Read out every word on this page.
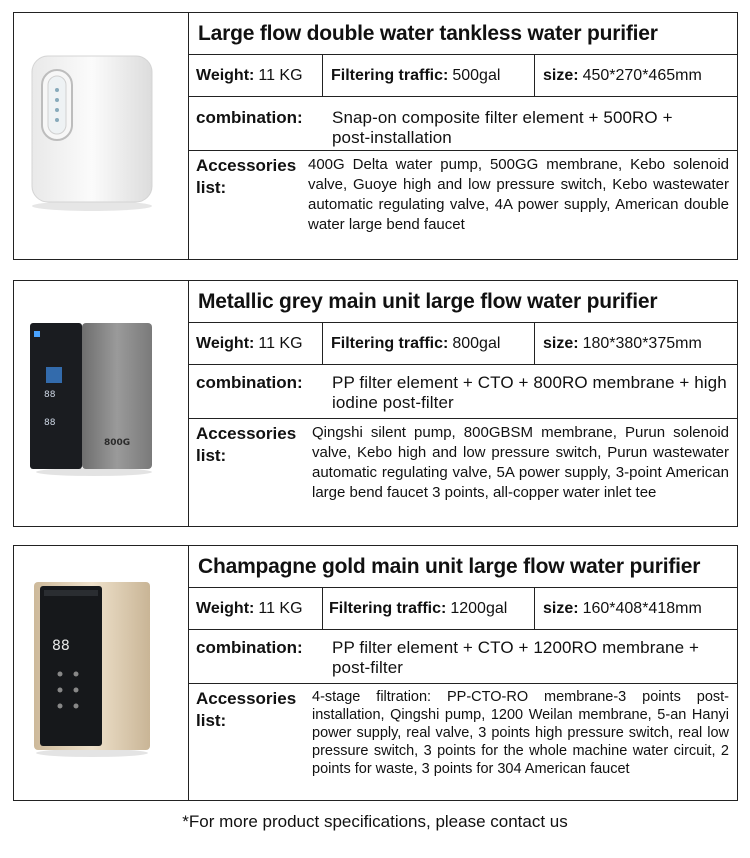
Large flow double water tankless water purifier
Weight: 11 KG Filtering traffic: 500gal	size: 450*270*465mm
combination:	Snap-on composite filter element + 500RO + post-installation
Accessories list:
400G Delta water pump, 500GG membrane, Kebo solenoid valve, Guoye high and low pressure switch, Kebo wastewater automatic regulating valve, 4A power supply, American double water large bend faucet
Metallic grey main unit large flow water purifier
Weight: 11 KG Filtering traffic: 800gal	size: 180*380*375mm
combination:	PP filter element + CTO + 800RO membrane + high iodine post-filter
Accessories list:
Qingshi silent pump, 800GBSM membrane, Purun solenoid valve, Kebo high and low pressure switch, Purun wastewater automatic regulating valve, 5A power supply, 3-point American large bend faucet 3 points, all-copper water inlet tee
Champagne gold main unit large flow water purifier
Weight: 11 KG Filtering traffic: 1200gal size: 160*408*418mm
combination:	PP filter element + CTO + 1200RO membrane + post-filter
Accessories list:
4-stage filtration: PP-CTO-RO membrane-3 points post-installation, Qingshi pump, 1200 Weilan membrane, 5-an Hanyi power supply, real valve, 3 points high pressure switch, real low pressure switch, 3 points for the whole machine water circuit, 2 points for waste, 3 points for 304 American faucet
88
88
800G
88
*For more product specifications, please contact us
